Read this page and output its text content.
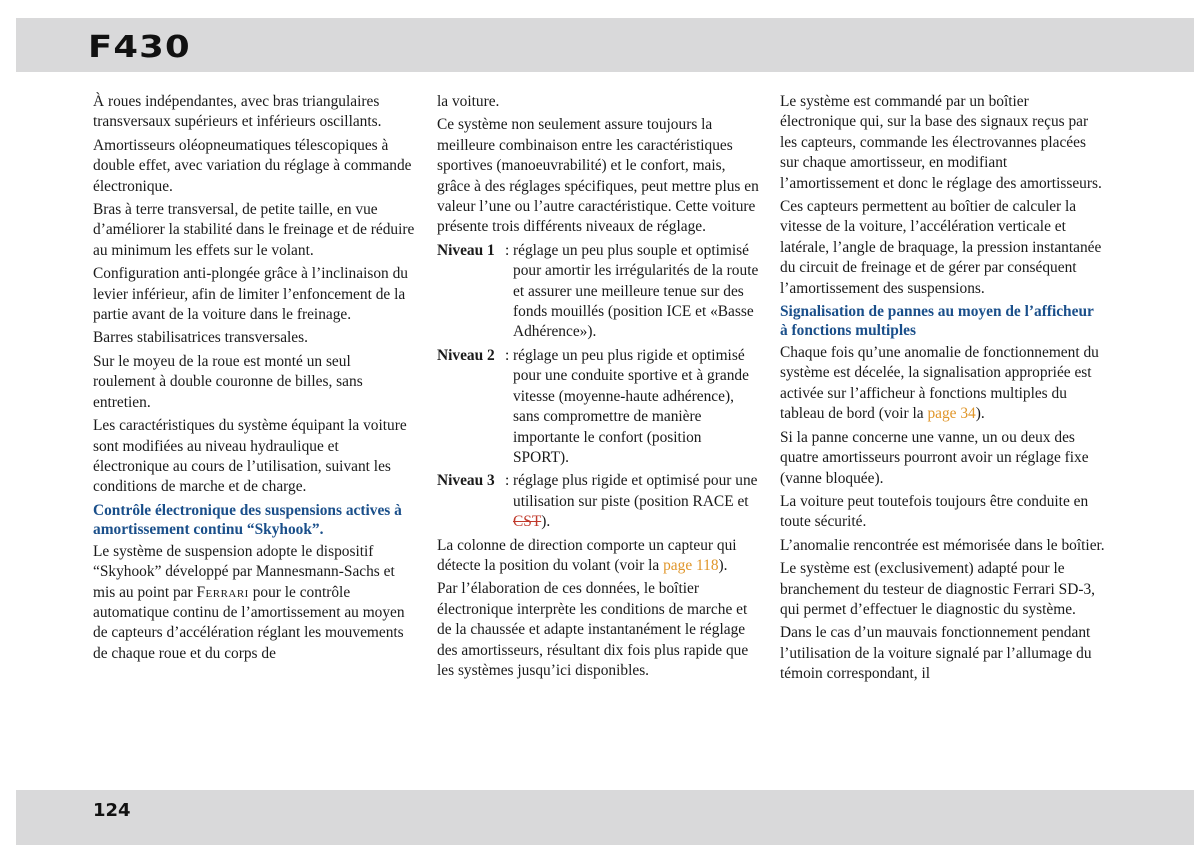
F430

À roues indépendantes, avec bras triangulaires transversaux supérieurs et inférieurs oscillants.

Amortisseurs oléopneumatiques télescopiques à double effet, avec variation du réglage à commande électronique.

Bras à terre transversal, de petite taille, en vue d’améliorer la stabilité dans le freinage et de réduire au minimum les effets sur le volant.

Configuration anti-plongée grâce à l’inclinaison du levier inférieur, afin de limiter l’enfoncement de la partie avant de la voiture dans le freinage.

Barres stabilisatrices transversales.

Sur le moyeu de la roue est monté un seul roulement à double couronne de billes, sans entretien.

Les caractéristiques du système équipant la voiture sont modifiées au niveau hydraulique et électronique au cours de l’utilisation, suivant les conditions de marche et de charge.

Contrôle électronique des suspensions actives à amortissement continu “Skyhook”.

Le système de suspension adopte le dispositif “Skyhook” développé par Mannesmann-Sachs et mis au point par Ferrari pour le contrôle automatique continu de l’amortissement au moyen de capteurs d’accélération réglant les mouvements de chaque roue et du corps de

la voiture.

Ce système non seulement assure toujours la meilleure combinaison entre les caractéristiques sportives (manoeuvrabilité) et le confort, mais, grâce à des réglages spécifiques, peut mettre plus en valeur l’une ou l’autre caractéristique. Cette voiture présente trois différents niveaux de réglage.

Niveau 1 : réglage un peu plus souple et optimisé pour amortir les irrégularités de la route et assurer une meilleure tenue sur des fonds mouillés (position ICE et «Basse Adhérence»).
Niveau 2 : réglage un peu plus rigide et optimisé pour une conduite sportive et à grande vitesse (moyenne-haute adhérence), sans compromettre de manière importante le confort (position SPORT).
Niveau 3 : réglage plus rigide et optimisé pour une utilisation sur piste (position RACE et CST).

La colonne de direction comporte un capteur qui détecte la position du volant (voir la page 118).

Par l’élaboration de ces données, le boîtier électronique interprète les conditions de marche et de la chaussée et adapte instantanément le réglage des amortisseurs, résultant dix fois plus rapide que les systèmes jusqu’ici disponibles.

Le système est commandé par un boîtier électronique qui, sur la base des signaux reçus par les capteurs, commande les électrovannes placées sur chaque amortisseur, en modifiant l’amortissement et donc le réglage des amortisseurs.

Ces capteurs permettent au boîtier de calculer la vitesse de la voiture, l’accélération verticale et latérale, l’angle de braquage, la pression instantanée du circuit de freinage et de gérer par conséquent l’amortissement des suspensions.

Signalisation de pannes au moyen de l’afficheur à fonctions multiples

Chaque fois qu’une anomalie de fonctionnement du système est décelée, la signalisation appropriée est activée sur l’afficheur à fonctions multiples du tableau de bord (voir la page 34).

Si la panne concerne une vanne, un ou deux des quatre amortisseurs pourront avoir un réglage fixe (vanne bloquée).

La voiture peut toutefois toujours être conduite en toute sécurité.

L’anomalie rencontrée est mémorisée dans le boîtier.

Le système est (exclusivement) adapté pour le branchement du testeur de diagnostic Ferrari SD-3, qui permet d’effectuer le diagnostic du système.

Dans le cas d’un mauvais fonctionnement pendant l’utilisation de la voiture signalé par l’allumage du témoin correspondant, il

124
